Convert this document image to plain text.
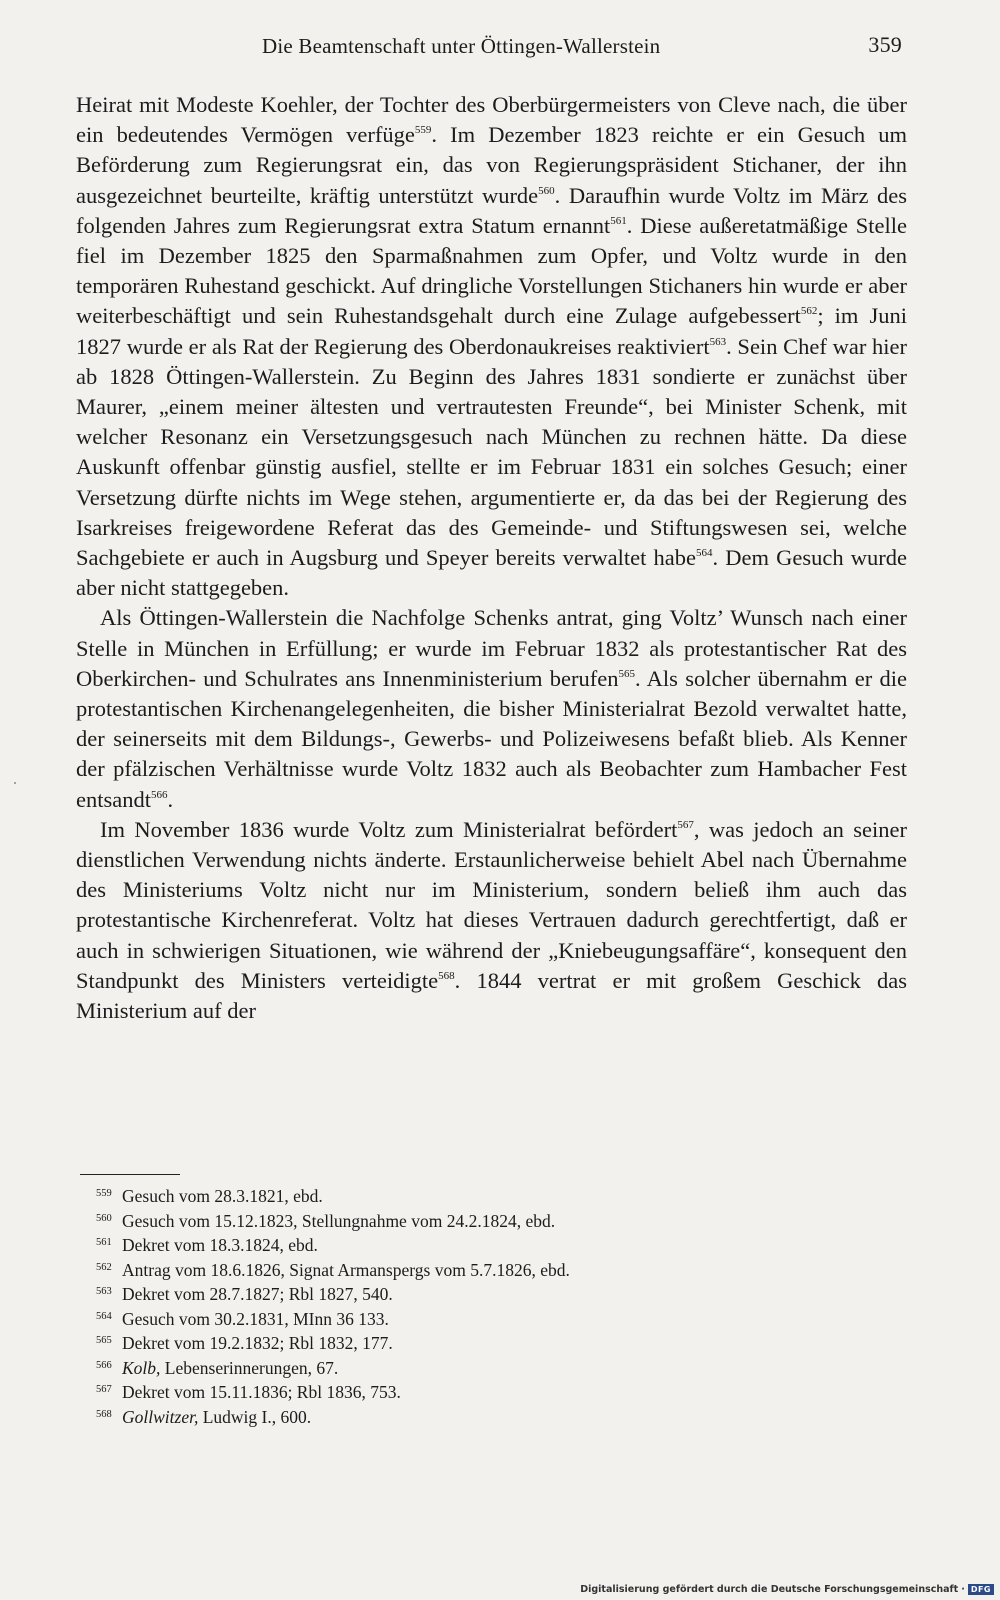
Die Beamtenschaft unter Öttingen-Wallerstein	359

Heirat mit Modeste Koehler, der Tochter des Oberbürgermeisters von Cleve nach, die über ein bedeutendes Vermögen verfüge$^{559}$. Im Dezember 1823 reichte er ein Gesuch um Beförderung zum Regierungsrat ein, das von Regierungspräsident Stichaner, der ihn ausgezeichnet beurteilte, kräftig unterstützt wurde$^{560}$. Daraufhin wurde Voltz im März des folgenden Jahres zum Regierungsrat extra Statum ernannt$^{561}$. Diese außeretatmäßige Stelle fiel im Dezember 1825 den Sparmaßnahmen zum Opfer, und Voltz wurde in den temporären Ruhestand geschickt. Auf dringliche Vorstellungen Stichaners hin wurde er aber weiterbeschäftigt und sein Ruhestandsgehalt durch eine Zulage aufgebessert$^{562}$; im Juni 1827 wurde er als Rat der Regierung des Oberdonaukreises reaktiviert$^{563}$. Sein Chef war hier ab 1828 Öttingen-Wallerstein. Zu Beginn des Jahres 1831 sondierte er zunächst über Maurer, „einem meiner ältesten und vertrautesten Freunde“, bei Minister Schenk, mit welcher Resonanz ein Versetzungsgesuch nach München zu rechnen hätte. Da diese Auskunft offenbar günstig ausfiel, stellte er im Februar 1831 ein solches Gesuch; einer Versetzung dürfte nichts im Wege stehen, argumentierte er, da das bei der Regierung des Isarkreises freigewordene Referat das des Gemeinde- und Stiftungswesen sei, welche Sachgebiete er auch in Augsburg und Speyer bereits verwaltet habe$^{564}$. Dem Gesuch wurde aber nicht stattgegeben.

Als Öttingen-Wallerstein die Nachfolge Schenks antrat, ging Voltz’ Wunsch nach einer Stelle in München in Erfüllung; er wurde im Februar 1832 als protestantischer Rat des Oberkirchen- und Schulrates ans Innenministerium berufen$^{565}$. Als solcher übernahm er die protestantischen Kirchenangelegenheiten, die bisher Ministerialrat Bezold verwaltet hatte, der seinerseits mit dem Bildungs-, Gewerbs- und Polizeiwesens befaßt blieb. Als Kenner der pfälzischen Verhältnisse wurde Voltz 1832 auch als Beobachter zum Hambacher Fest entsandt$^{566}$.

Im November 1836 wurde Voltz zum Ministerialrat befördert$^{567}$, was jedoch an seiner dienstlichen Verwendung nichts änderte. Erstaunlicherweise behielt Abel nach Übernahme des Ministeriums Voltz nicht nur im Ministerium, sondern beließ ihm auch das protestantische Kirchenreferat. Voltz hat dieses Vertrauen dadurch gerechtfertigt, daß er auch in schwierigen Situationen, wie während der „Kniebeugungsaffäre“, konsequent den Standpunkt des Ministers verteidigte$^{568}$. 1844 vertrat er mit großem Geschick das Ministerium auf der

559 Gesuch vom 28.3.1821, ebd.
560 Gesuch vom 15.12.1823, Stellungnahme vom 24.2.1824, ebd.
561 Dekret vom 18.3.1824, ebd.
562 Antrag vom 18.6.1826, Signat Armanspergs vom 5.7.1826, ebd.
563 Dekret vom 28.7.1827; Rbl 1827, 540.
564 Gesuch vom 30.2.1831, MInn 36 133.
565 Dekret vom 19.2.1832; Rbl 1832, 177.
566 Kolb, Lebenserinnerungen, 67.
567 Dekret vom 15.11.1836; Rbl 1836, 753.
568 Gollwitzer, Ludwig I., 600.
Digitalisierung gefördert durch die Deutsche Forschungsgemeinschaft · DFG
